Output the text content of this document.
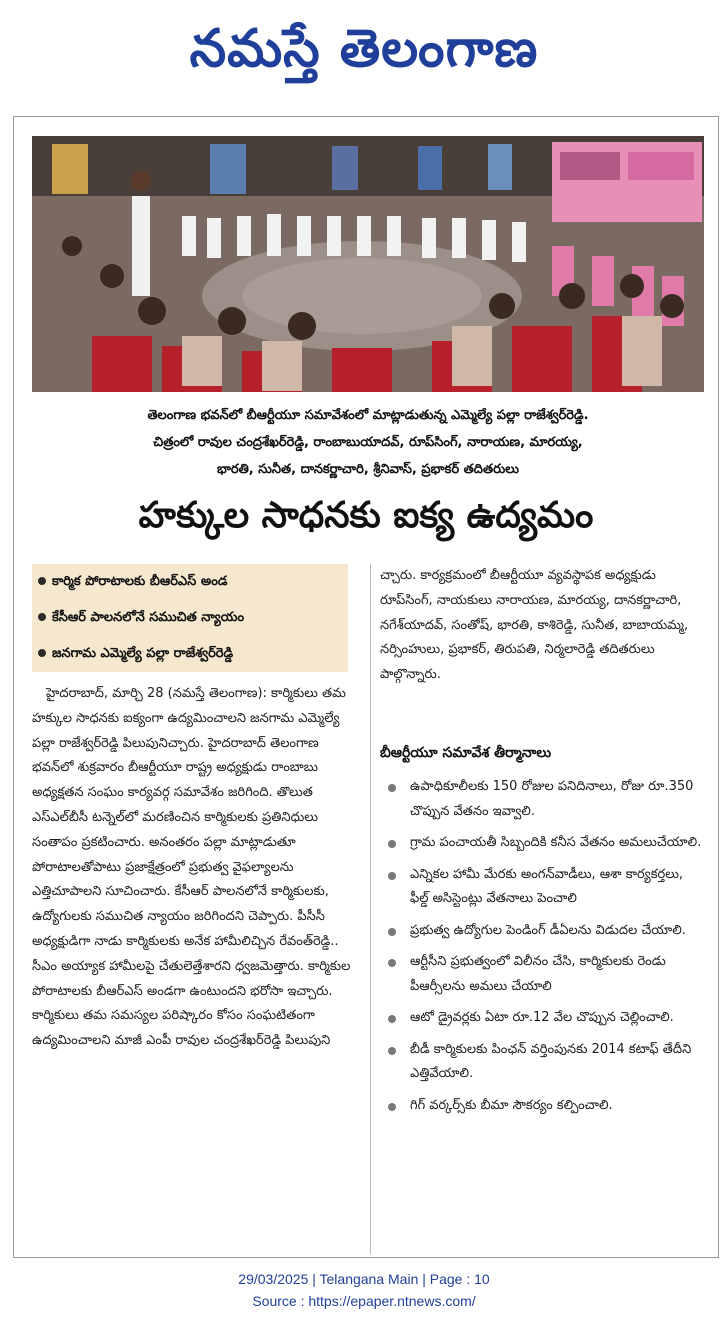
నమస్తే తెలంగాణ
తెలంగాణ భవన్‌లో బీఆర్టీయూ సమావేశంలో మాట్లాడుతున్న ఎమ్మెల్యే పల్లా రాజేశ్వర్‌రెడ్డి.
చిత్రంలో రావుల చంద్రశేఖర్‌రెడ్డి, రాంబాబుయాదవ్, రూప్‌సింగ్, నారాయణ, మారయ్య,
భారతి, సునీత, దానకర్ణాచారి, శ్రీనివాస్, ప్రభాకర్ తదితరులు
హక్కుల సాధనకు ఐక్య ఉద్యమం
కార్మిక పోరాటాలకు బీఆర్‌ఎస్ అండ
కేసీఆర్ పాలనలోనే సముచిత న్యాయం
జనగామ ఎమ్మెల్యే పల్లా రాజేశ్వర్‌రెడ్డి

హైదరాబాద్, మార్చి 28 (నమస్తే తెలంగాణ): కార్మికులు తమ హక్కుల సాధనకు ఐక్యంగా ఉద్యమించాలని జనగామ ఎమ్మెల్యే పల్లా రాజేశ్వర్‌రెడ్డి పిలుపునిచ్చారు. హైదరాబాద్ తెలంగాణ భవన్‌లో శుక్రవారం బీఆర్టీయూ రాష్ట్ర అధ్యక్షుడు రాంబాబు అధ్యక్షతన సంఘం కార్యవర్గ సమావేశం జరిగింది. తొలుత ఎస్‌ఎల్‌బీసీ టన్నెల్‌లో మరణించిన కార్మికులకు ప్రతినిధులు సంతాపం ప్రకటించారు. అనంతరం పల్లా మాట్లాడుతూ పోరాటాలతోపాటు ప్రజాక్షేత్రంలో ప్రభుత్వ వైఫల్యాలను ఎత్తిచూపాలని సూచించారు. కేసీఆర్ పాలనలోనే కార్మికులకు, ఉద్యోగులకు సముచిత న్యాయం జరిగిందని చెప్పారు. పీసీసీ అధ్యక్షుడిగా నాడు కార్మికులకు అనేక హామీలిచ్చిన రేవంత్‌రెడ్డి.. సీఎం అయ్యాక హామీలపై చేతులెత్తేశారని ధ్వజమెత్తారు. కార్మికుల పోరాటాలకు బీఆర్‌ఎస్ అండగా ఉంటుందని భరోసా ఇచ్చారు. కార్మికులు తమ సమస్యల పరిష్కారం కోసం సంఘటితంగా ఉద్యమించాలని మాజీ ఎంపీ రావుల చంద్రశేఖర్‌రెడ్డి పిలుపుని

చ్చారు. కార్యక్రమంలో బీఆర్టీయూ వ్యవస్థాపక అధ్యక్షుడు రూప్‌సింగ్, నాయకులు నారాయణ, మారయ్య, దానకర్ణాచారి, నగేశ్‌యాదవ్, సంతోష్, భారతి, కాశిరెడ్డి, సునీత, బాబాయమ్మ, నర్సింహులు, ప్రభాకర్, తిరుపతి, నిర్మలారెడ్డి తదితరులు పాల్గొన్నారు.

బీఆర్టీయూ సమావేశ తీర్మానాలు
ఉపాధికూలీలకు 150 రోజుల పనిదినాలు, రోజు రూ.350 చొప్పున వేతనం ఇవ్వాలి.
గ్రామ పంచాయతీ సిబ్బందికి కనీస వేతనం అమలుచేయాలి.
ఎన్నికల హామీ మేరకు అంగన్‌వాడీలు, ఆశా కార్యకర్తలు, ఫీల్డ్ అసిస్టెంట్లు వేతనాలు పెంచాలి
ప్రభుత్వ ఉద్యోగుల పెండింగ్ డీఏలను విడుదల చేయాలి.
ఆర్టీసీని ప్రభుత్వంలో విలీనం చేసి, కార్మికులకు రెండు పీఆర్సీలను అమలు చేయాలి
ఆటో డ్రైవర్లకు ఏటా రూ.12 వేల చొప్పున చెల్లించాలి.
బీడీ కార్మికులకు పింఛన్ వర్తింపునకు 2014 కటాఫ్ తేదీని ఎత్తివేయాలి.
గిగ్ వర్కర్స్‌కు బీమా సౌకర్యం కల్పించాలి.
29/03/2025 | Telangana Main | Page : 10
Source : https://epaper.ntnews.com/
